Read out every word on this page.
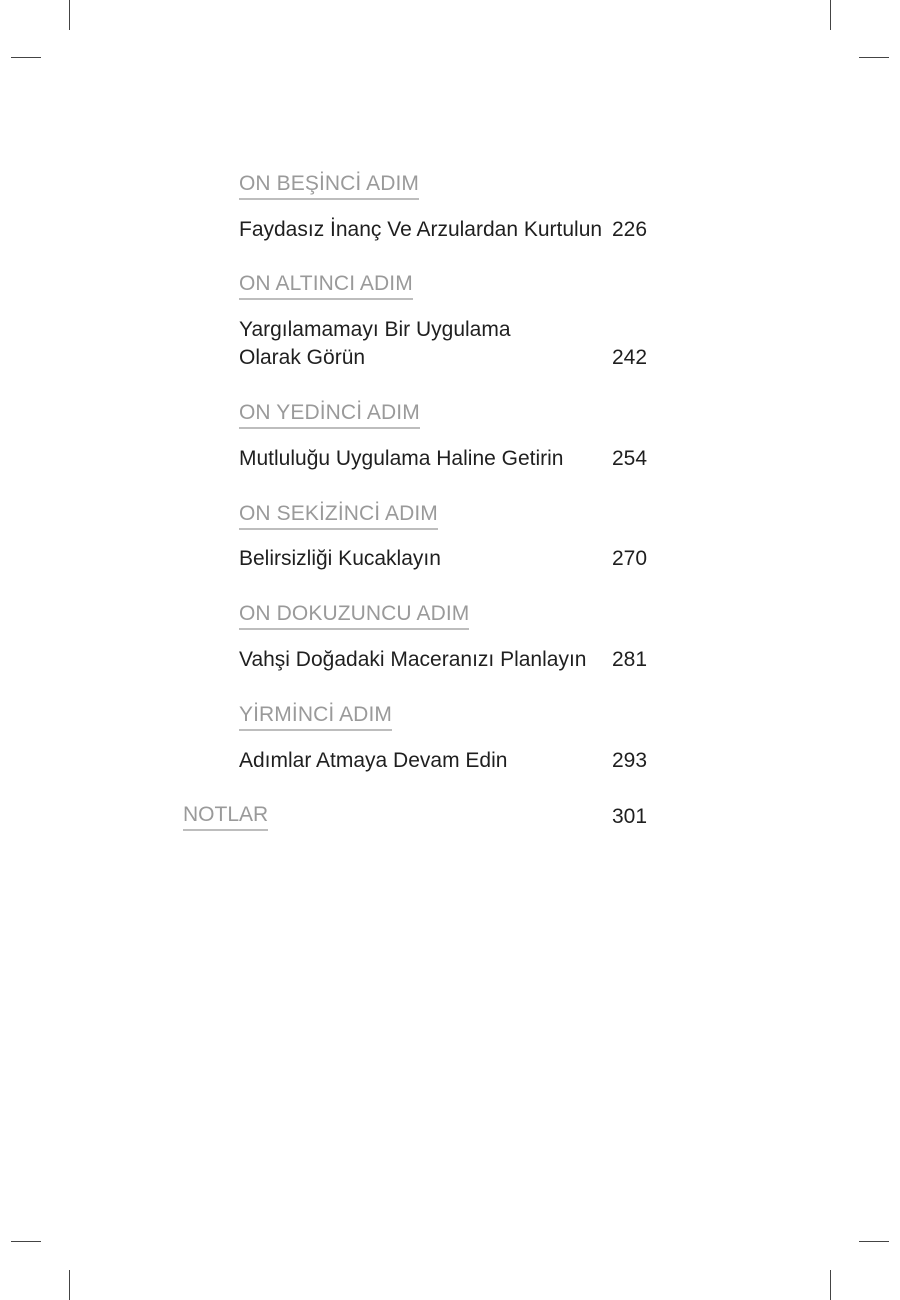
ON BEŞİNCİ ADIM
Faydasız İnanç Ve Arzulardan Kurtulun 226
ON ALTINCI ADIM
Yargılamamayı Bir Uygulama
Olarak Görün	242
ON YEDİNCİ ADIM
Mutluluğu Uygulama Haline Getirin 254
ON SEKİZİNCİ ADIM
Belirsizliği Kucaklayın	270
ON DOKUZUNCU ADIM
Vahşi Doğadaki Maceranızı Planlayın 281
YİRMİNCİ ADIM
Adımlar Atmaya Devam Edin	293
NOTLAR	301
